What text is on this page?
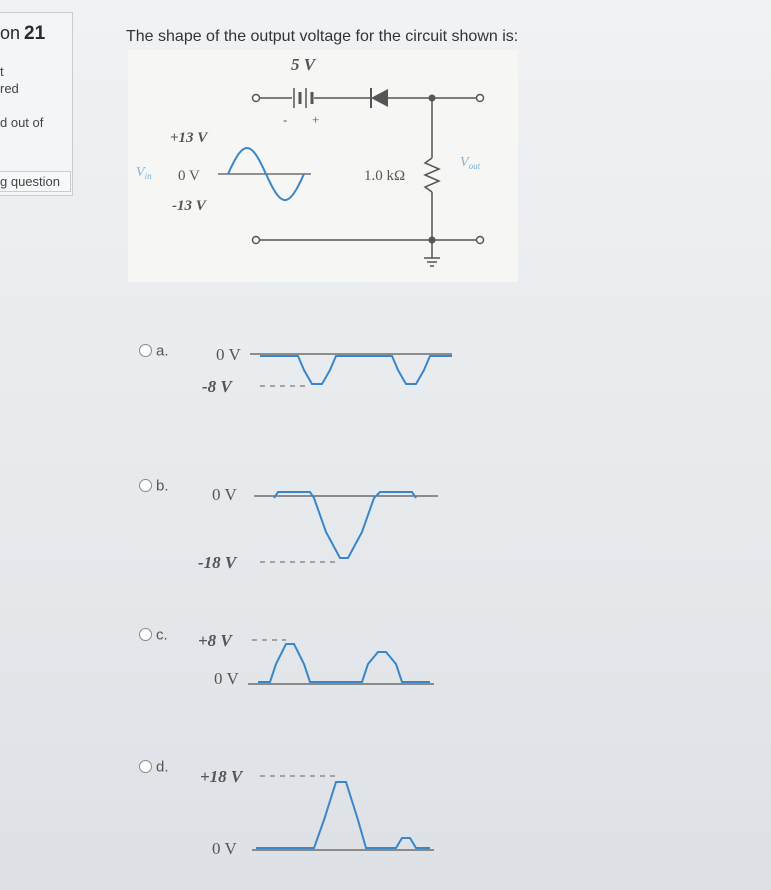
on 21
t
red
d out of
g question
The shape of the output voltage for the circuit shown is:
5 V
- +
1.0 kΩ
$V_{out}$
$V_{in}$
+13 V
0 V
-13 V
a.	0 V
-8 V
b.	0 V
-18 V
c. +8 V
0 V
d.
+18 V
0 V
